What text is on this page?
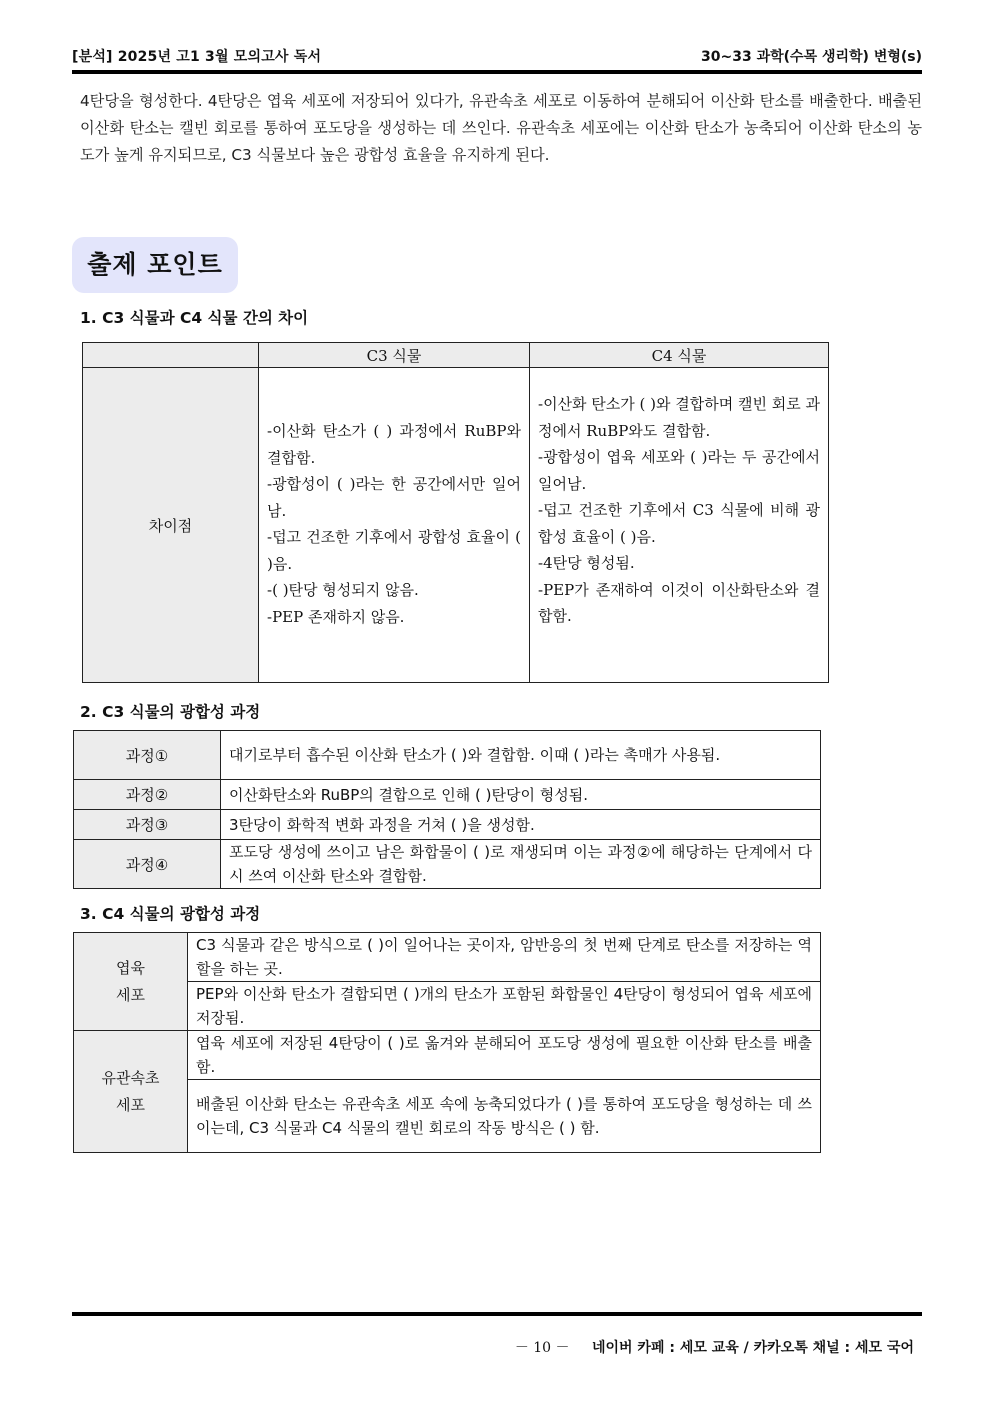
[분석] 2025년 고1 3월 모의고사 독서	30~33 과학(수목 생리학) 변형(s)
4탄당을 형성한다. 4탄당은 엽육 세포에 저장되어 있다가, 유관속초 세포로 이동하여 분해되어 이산화 탄소를 배출한다. 배출된 이산화 탄소는 캘빈 회로를 통하여 포도당을 생성하는 데 쓰인다. 유관속초 세포에는 이산화 탄소가 농축되어 이산화 탄소의 농도가 높게 유지되므로, C3 식물보다 높은 광합성 효율을 유지하게 된다.
출제 포인트
1. C3 식물과 C4 식물 간의 차이
	C3 식물	C4 식물
차이점	-이산화 탄소가 ( ) 과정에서 RuBP와 결합함.
-광합성이 ( )라는 한 공간에서만 일어남.
-덥고 건조한 기후에서 광합성 효율이 ( )음.
-( )탄당 형성되지 않음.
-PEP 존재하지 않음.	-이산화 탄소가 ( )와 결합하며 캘빈 회로 과정에서 RuBP와도 결합함.
-광합성이 엽육 세포와 ( )라는 두 공간에서 일어남.
-덥고 건조한 기후에서 C3 식물에 비해 광합성 효율이 ( )음.
-4탄당 형성됨.
-PEP가 존재하여 이것이 이산화탄소와 결합함.
2. C3 식물의 광합성 과정
과정①	대기로부터 흡수된 이산화 탄소가 ( )와 결합함. 이때 ( )라는 촉매가 사용됨.
과정②	이산화탄소와 RuBP의 결합으로 인해 ( )탄당이 형성됨.
과정③	3탄당이 화학적 변화 과정을 거쳐 ( )을 생성함.
과정④	포도당 생성에 쓰이고 남은 화합물이 ( )로 재생되며 이는 과정②에 해당하는 단계에서 다시 쓰여 이산화 탄소와 결합함.
3. C4 식물의 광합성 과정
엽육
세포	C3 식물과 같은 방식으로 ( )이 일어나는 곳이자, 암반응의 첫 번째 단계로 탄소를 저장하는 역할을 하는 곳.
	PEP와 이산화 탄소가 결합되면 ( )개의 탄소가 포함된 화합물인 4탄당이 형성되어 엽육 세포에 저장됨.

유관속초
세포	엽육 세포에 저장된 4탄당이 ( )로 옮겨와 분해되어 포도당 생성에 필요한 이산화 탄소를 배출함.
	배출된 이산화 탄소는 유관속초 세포 속에 농축되었다가 ( )를 통하여 포도당을 형성하는 데 쓰이는데, C3 식물과 C4 식물의 캘빈 회로의 작동 방식은 ( ) 함.
－ 10 － 네이버 카페 : 세모 교육 / 카카오톡 채널 : 세모 국어
